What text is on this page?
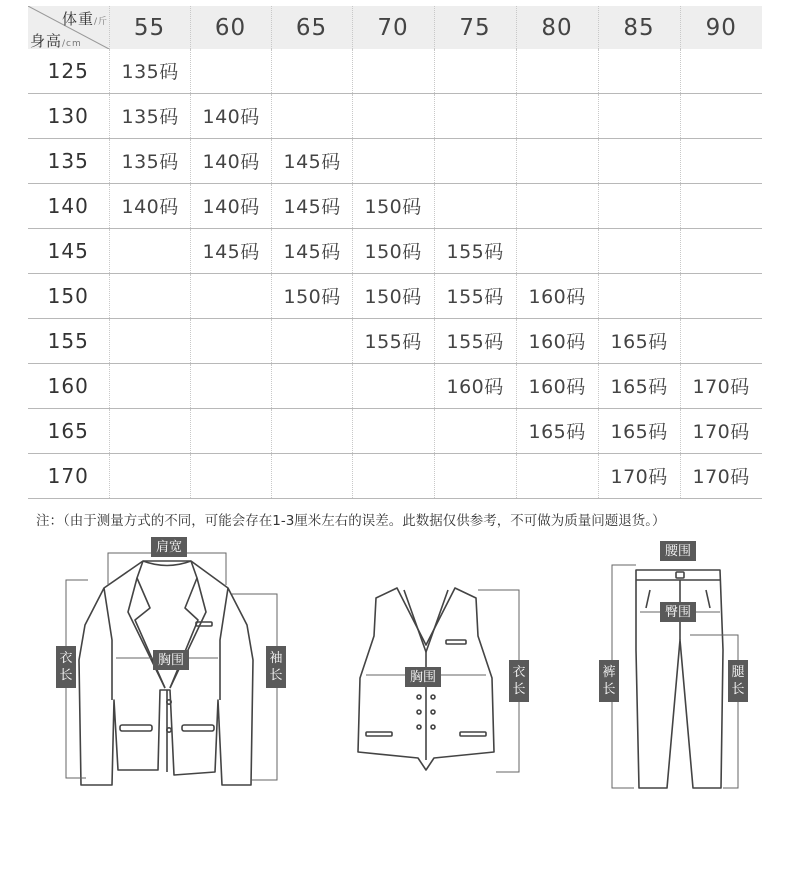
体重/斤
身高/cm	55	60	65	70	75	80	85	90
125	135码							
130	135码	140码						
135	135码	140码	145码					
140	140码	140码	145码	150码				
145		145码	145码	150码	155码			
150			150码	150码	155码	160码		
155				155码	155码	160码	165码	
160					160码	160码	165码	170码
165						165码	165码	170码
170							170码	170码
注：（由于测量方式的不同，可能会存在1-3厘米左右的误差。此数据仅供参考，不可做为质量问题退货。）
肩宽
胸围
衣
长
袖
长	胸围	衣
长
腰围
臀围
裤
长
腿
长
